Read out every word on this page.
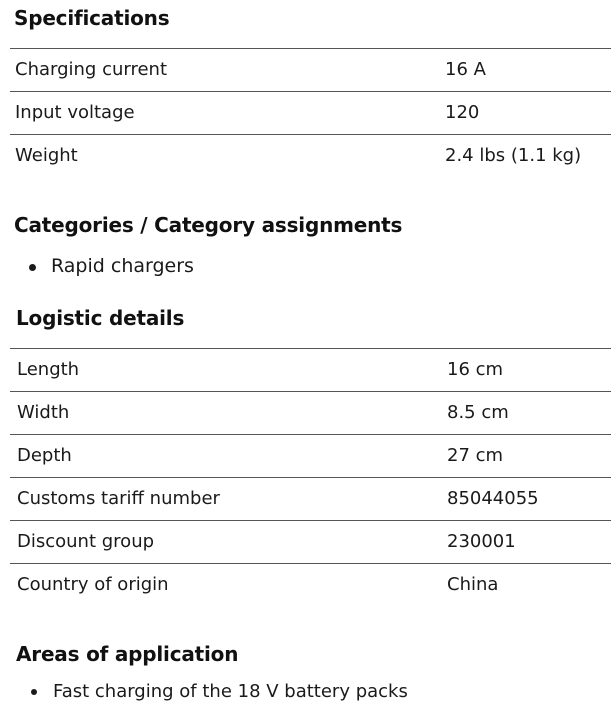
Specifications
Charging current	16 A
Input voltage	120
Weight	2.4 lbs (1.1 kg)
Categories / Category assignments
Rapid chargers
Logistic details
Length	16 cm
Width	8.5 cm
Depth	27 cm
Customs tariff number	85044055
Discount group	230001
Country of origin	China
Areas of application
Fast charging of the 18 V battery packs
